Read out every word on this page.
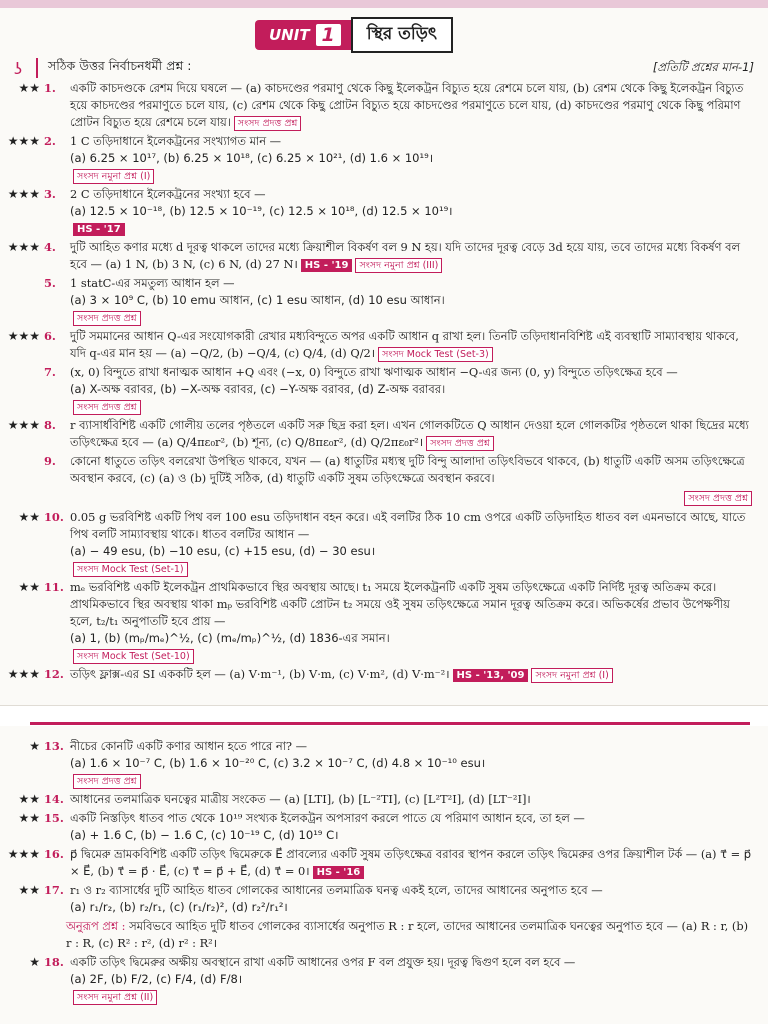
UNIT 1	স্থির তড়িৎ
ʖ	সঠিক উত্তর নির্বাচনধর্মী প্রশ্ন :	[প্রতিটি প্রশ্নের মান-1]
★★ 1.	একটি কাচদণ্ডকে রেশম দিয়ে ঘষলে — (a) কাচদণ্ডের পরমাণু থেকে কিছু ইলেকট্রন বিচ্যুত হয়ে রেশমে চলে যায়, (b) রেশম থেকে কিছু ইলেকট্রন বিচ্যুত হয়ে কাচদণ্ডের পরমাণুতে চলে যায়, (c) রেশম থেকে কিছু প্রোটন বিচ্যুত হয়ে কাচদণ্ডের পরমাণুতে চলে যায়, (d) কাচদণ্ডের পরমাণু থেকে কিছু পরিমাণ প্রোটন বিচ্যুত হয়ে রেশমে চলে যায়। সংসদ প্রদত্ত প্রশ্ন
★★★ 2.	1 C তড়িদাধানে ইলেকট্রনের সংখ্যাগত মান —
(a) 6.25 × 10¹⁷, (b) 6.25 × 10¹⁸, (c) 6.25 × 10²¹, (d) 1.6 × 10¹⁹।
সংসদ নমুনা প্রশ্ন (I)
★★★ 3.	2 C তড়িদাধানে ইলেকট্রনের সংখ্যা হবে —
(a) 12.5 × 10⁻¹⁸, (b) 12.5 × 10⁻¹⁹, (c) 12.5 × 10¹⁸, (d) 12.5 × 10¹⁹।
HS - '17
★★★ 4.	দুটি আহিত কণার মধ্যে d দূরত্ব থাকলে তাদের মধ্যে ক্রিয়াশীল বিকর্ষণ বল 9 N হয়। যদি তাদের দূরত্ব বেড়ে 3d হয়ে যায়, তবে তাদের মধ্যে বিকর্ষণ বল হবে — (a) 1 N, (b) 3 N, (c) 6 N, (d) 27 N। HS - '19 সংসদ নমুনা প্রশ্ন (III)
5.	1 statC-এর সমতুল্য আধান হল —
(a) 3 × 10⁹ C, (b) 10 emu আধান, (c) 1 esu আধান, (d) 10 esu আধান।
সংসদ প্রদত্ত প্রশ্ন
★★★ 6.	দুটি সমমানের আধান Q-এর সংযোগকারী রেখার মধ্যবিন্দুতে অপর একটি আধান q রাখা হল। তিনটি তড়িদাধানবিশিষ্ট এই ব্যবস্থাটি সাম্যাবস্থায় থাকবে, যদি q-এর মান হয় — (a) −Q/2, (b) −Q/4, (c) Q/4, (d) Q/2। সংসদ Mock Test (Set-3)
7.	(x, 0) বিন্দুতে রাখা ধনাত্মক আধান +Q এবং (−x, 0) বিন্দুতে রাখা ঋণাত্মক আধান −Q-এর জন্য (0, y) বিন্দুতে তড়িৎক্ষেত্র হবে —
(a) X-অক্ষ বরাবর, (b) −X-অক্ষ বরাবর, (c) −Y-অক্ষ বরাবর, (d) Z-অক্ষ বরাবর।
সংসদ প্রদত্ত প্রশ্ন
★★★ 8.	r ব্যাসার্ধবিশিষ্ট একটি গোলীয় তলের পৃষ্ঠতলে একটি সরু ছিদ্র করা হল। এখন গোলকটিতে Q আধান দেওয়া হলে গোলকটির পৃষ্ঠতলে থাকা ছিদ্রের মধ্যে তড়িৎক্ষেত্র হবে — (a) Q/4πε₀r², (b) শূন্য, (c) Q/8πε₀r², (d) Q/2πε₀r²। সংসদ প্রদত্ত প্রশ্ন
9.	কোনো ধাতুতে তড়িৎ বলরেখা উপস্থিত থাকবে, যখন — (a) ধাতুটির মধ্যস্থ দুটি বিন্দু আলাদা তড়িৎবিভবে থাকবে, (b) ধাতুটি একটি অসম তড়িৎক্ষেত্রে অবস্থান করবে, (c) (a) ও (b) দুটিই সঠিক, (d) ধাতুটি একটি সুষম তড়িৎক্ষেত্রে অবস্থান করবে।
সংসদ প্রদত্ত প্রশ্ন
★★ 10. 0.05 g ভরবিশিষ্ট একটি পিথ বল 100 esu তড়িদাধান বহন করে। এই বলটির ঠিক 10 cm ওপরে একটি তড়িদাহিত ধাতব বল এমনভাবে আছে, যাতে পিথ বলটি সাম্যাবস্থায় থাকে। ধাতব বলটির আধান —
(a) − 49 esu, (b) −10 esu, (c) +15 esu, (d) − 30 esu।
সংসদ Mock Test (Set-1)
★★ 11. mₑ ভরবিশিষ্ট একটি ইলেকট্রন প্রাথমিকভাবে স্থির অবস্থায় আছে। t₁ সময়ে ইলেকট্রনটি একটি সুষম তড়িৎক্ষেত্রে একটি নির্দিষ্ট দূরত্ব অতিক্রম করে। প্রাথমিকভাবে স্থির অবস্থায় থাকা mₚ ভরবিশিষ্ট একটি প্রোটন t₂ সময়ে ওই সুষম তড়িৎক্ষেত্রে সমান দূরত্ব অতিক্রম করে। অভিকর্ষের প্রভাব উপেক্ষণীয় হলে, t₂/t₁ অনুপাতটি হবে প্রায় —
(a) 1, (b) (mₚ/mₑ)^½, (c) (mₑ/mₚ)^½, (d) 1836-এর সমান।
সংসদ Mock Test (Set-10)
★★★ 12. তড়িৎ ফ্লাক্স-এর SI এককটি হল — (a) V·m⁻¹, (b) V·m, (c) V·m², (d) V·m⁻²। HS - '13, '09 সংসদ নমুনা প্রশ্ন (I)
★ 13. নীচের কোনটি একটি কণার আধান হতে পারে না? —
(a) 1.6 × 10⁻⁷ C, (b) 1.6 × 10⁻²⁰ C, (c) 3.2 × 10⁻⁷ C, (d) 4.8 × 10⁻¹⁰ esu।
সংসদ প্রদত্ত প্রশ্ন
★★ 14. আধানের তলমাত্রিক ঘনত্বের মাত্রীয় সংকেত — (a) [LTI], (b) [L⁻²TI], (c) [L²T²I], (d) [LT⁻²I]।
★★ 15. একটি নিস্তড়িৎ ধাতব পাত থেকে 10¹⁹ সংখ্যক ইলেকট্রন অপসারণ করলে পাতে যে পরিমাণ আধান হবে, তা হল —
(a) + 1.6 C, (b) − 1.6 C, (c) 10⁻¹⁹ C, (d) 10¹⁹ C।
★★★ 16. p⃗ দ্বিমেরু ভ্রামকবিশিষ্ট একটি তড়িৎ দ্বিমেরুকে E⃗ প্রাবল্যের একটি সুষম তড়িৎক্ষেত্র বরাবর স্থাপন করলে তড়িৎ দ্বিমেরুর ওপর ক্রিয়াশীল টর্ক — (a) τ⃗ = p⃗ × E⃗, (b) τ⃗ = p⃗ · E⃗, (c) τ⃗ = p⃗ + E⃗, (d) τ⃗ = 0। HS - '16
★★ 17. r₁ ও r₂ ব্যাসার্ধের দুটি আহিত ধাতব গোলকের আধানের তলমাত্রিক ঘনত্ব একই হলে, তাদের আধানের অনুপাত হবে —
(a) r₁/r₂, (b) r₂/r₁, (c) (r₁/r₂)², (d) r₂²/r₁²।
অনুরূপ প্রশ্ন : সমবিভবে আহিত দুটি ধাতব গোলকের ব্যাসার্ধের অনুপাত R : r হলে, তাদের আধানের তলমাত্রিক ঘনত্বের অনুপাত হবে — (a) R : r, (b) r : R, (c) R² : r², (d) r² : R²।
★ 18. একটি তড়িৎ দ্বিমেরুর অক্ষীয় অবস্থানে রাখা একটি আধানের ওপর F বল প্রযুক্ত হয়। দূরত্ব দ্বিগুণ হলে বল হবে —
(a) 2F, (b) F/2, (c) F/4, (d) F/8।
সংসদ নমুনা প্রশ্ন (II)
